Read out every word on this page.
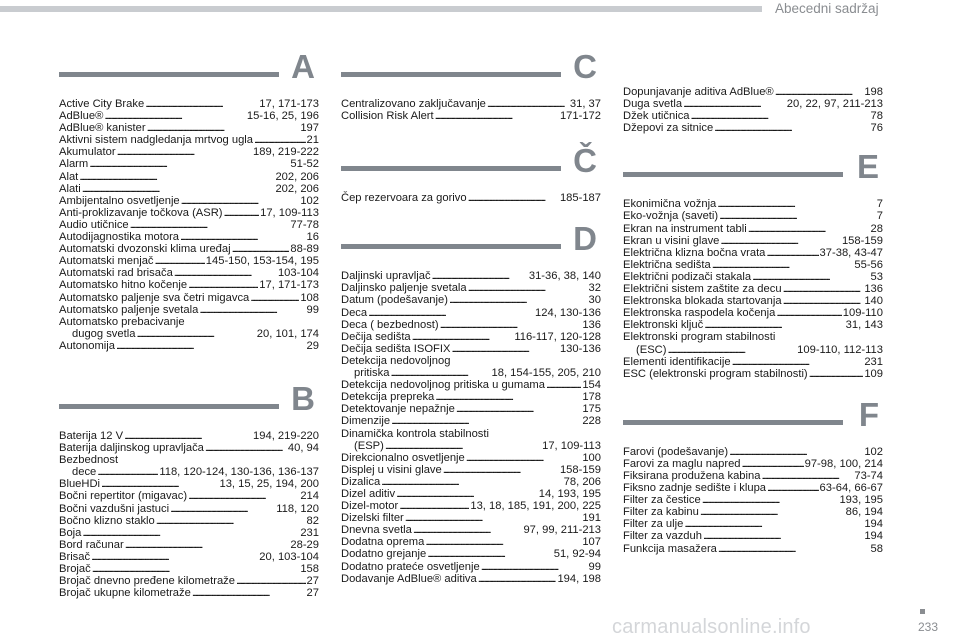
Abecedni sadržaj
A
Active City Brake . . .	17, 171-173
AdBlue® . . .	15-16, 25, 196
AdBlue® kanister . . .	197
Aktivni sistem nadgledanja mrtvog ugla . . .	21
Akumulator . . .	189, 219-222
Alarm . . .	51-52
Alat . . .	202, 206
Alati . . .	202, 206
Ambijentalno osvetljenje . . .	102
Anti-proklizavanje točkova (ASR) . . .	17, 109-113
Audio utičnice . . .	77-78
Autodijagnostika motora . . .	16
Automatski dvozonski klima uređaj . . .	88-89
Automatski menjač . . .	145-150, 153-154, 195
Automatski rad brisača . . .	103-104
Automatsko hitno kočenje . . .	17, 171-173
Automatsko paljenje sva četri migavca . . .	108
Automatsko paljenje svetala . . .	99
Automatsko prebacivanje
dugog svetla . . .	20, 101, 174
Autonomija . . .	29
B
Baterija 12 V . . .	194, 219-220
Baterija daljinskog upravljača . . .	40, 94
Bezbednost
dece . . .	118, 120-124, 130-136, 136-137
BlueHDi . . .	13, 15, 25, 194, 200
Bočni repertitor (migavac) . . .	214
Bočni vazdušni jastuci . . .	118, 120
Bočno klizno staklo . . .	82
Boja . . .	231
Bord računar . . .	28-29
Brisač . . .	20, 103-104
Brojač . . .	158
Brojač dnevno pređene kilometraže . . .	27
Brojač ukupne kilometraže . . .	27
C
Centralizovano zaključavanje . . .	31, 37
Collision Risk Alert . . .	171-172
Č
Čep rezervoara za gorivo . . .	185-187
D
Daljinski upravljač . . .	31-36, 38, 140
Daljinsko paljenje svetala . . .	32
Datum (podešavanje) . . .	30
Deca . . .	124, 130-136
Deca ( bezbednost) . . .	136
Dečija sedišta . . .	116-117, 120-128
Dečija sedišta ISOFIX . . .	130-136
Detekcija nedovoljnog
pritiska . . .	18, 154-155, 205, 210
Detekcija nedovoljnog pritiska u gumama . . .	154
Detekcija prepreka . . .	178
Detektovanje nepažnje . . .	175
Dimenzije . . .	228
Dinamička kontrola stabilnosti
(ESP) . . .	17, 109-113
Direkcionalno osvetljenje . . .	100
Displej u visini glave . . .	158-159
Dizalica . . .	78, 206
Dizel aditiv . . .	14, 193, 195
Dizel-motor . . .	13, 18, 185, 191, 200, 225
Dizelski filter . . .	191
Dnevna svetla . . .	97, 99, 211-213
Dodatna oprema . . .	107
Dodatno grejanje . . .	51, 92-94
Dodatno prateće osvetljenje . . .	99
Dodavanje AdBlue® aditiva . . .	194, 198
Dopunjavanje aditiva AdBlue® . . .	198
Duga svetla . . .	20, 22, 97, 211-213
Džek utičnica . . .	78
Džepovi za sitnice . . .	76
E
Ekonimična vožnja . . .	7
Eko-vožnja (saveti) . . .	7
Ekran na instrument tabli . . .	28
Ekran u visini glave . . .	158-159
Električna klizna bočna vrata . . .	37-38, 43-47
Električna sedišta . . .	55-56
Električni podizači stakala . . .	53
Električni sistem zaštite za decu . . .	136
Elektronska blokada startovanja . . .	140
Elektronska raspodela kočenja . . .	109-110
Elektronski ključ . . .	31, 143
Elektronski program stabilnosti
(ESC) . . .	109-110, 112-113
Elementi identifikacije . . .	231
ESC (elektronski program stabilnosti) . . .	109
F
Farovi (podešavanje) . . .	102
Farovi za maglu napred . . .	97-98, 100, 214
Fiksirana produžena kabina . . .	73-74
Fiksno zadnje sedište i klupa . . .	63-64, 66-67
Filter za čestice . . .	193, 195
Filter za kabinu . . .	86, 194
Filter za ulje . . .	194
Filter za vazduh . . .	194
Funkcija masažera . . .	58
carmanualsonline.info	233
